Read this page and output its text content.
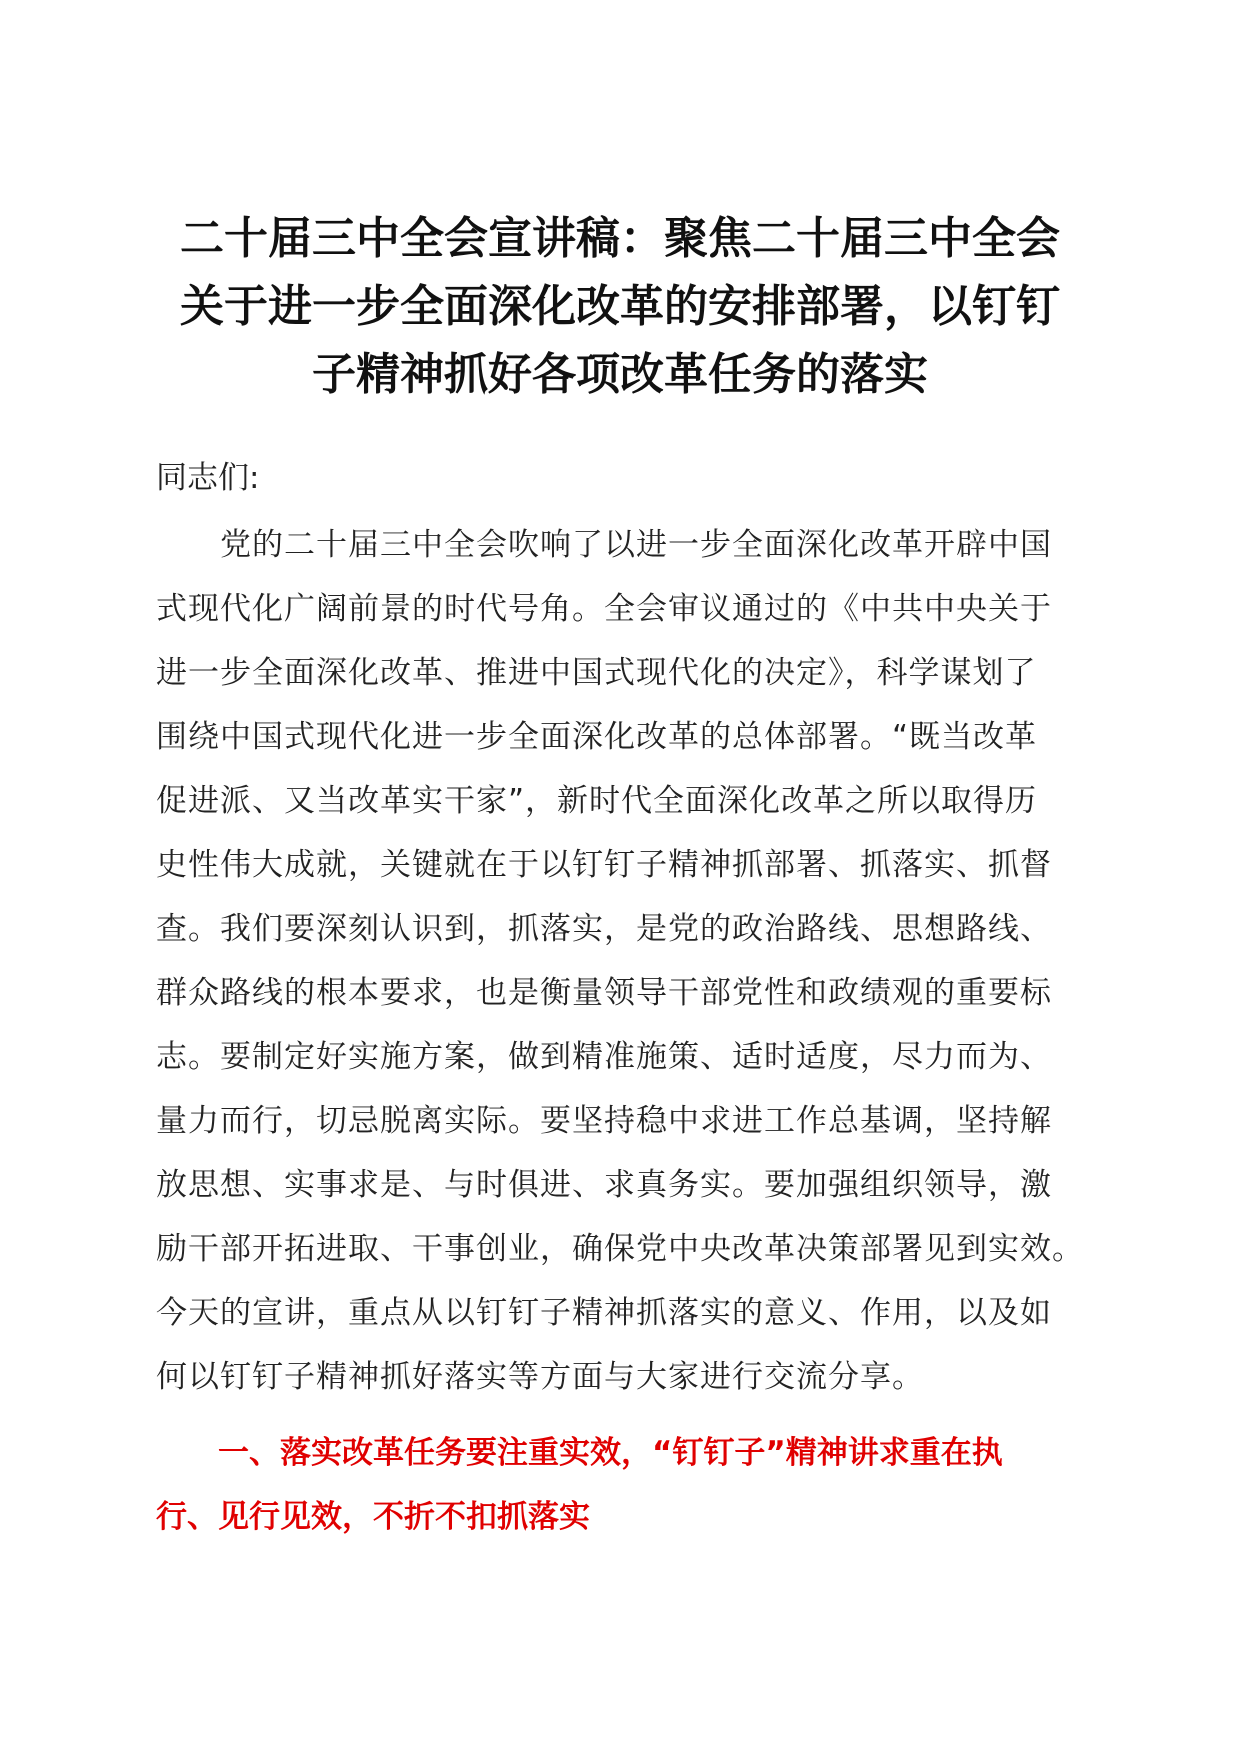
二十届三中全会宣讲稿：聚焦二十届三中全会
关于进一步全面深化改革的安排部署，以钉钉
子精神抓好各项改革任务的落实
同志们:
　　党的二十届三中全会吹响了以进一步全面深化改革开辟中国
式现代化广阔前景的时代号角。全会审议通过的《中共中央关于
进一步全面深化改革、推进中国式现代化的决定》，科学谋划了
围绕中国式现代化进一步全面深化改革的总体部署。“既当改革
促进派、又当改革实干家”，新时代全面深化改革之所以取得历
史性伟大成就，关键就在于以钉钉子精神抓部署、抓落实、抓督
查。我们要深刻认识到，抓落实，是党的政治路线、思想路线、
群众路线的根本要求，也是衡量领导干部党性和政绩观的重要标
志。要制定好实施方案，做到精准施策、适时适度，尽力而为、
量力而行，切忌脱离实际。要坚持稳中求进工作总基调，坚持解
放思想、实事求是、与时俱进、求真务实。要加强组织领导，激
励干部开拓进取、干事创业，确保党中央改革决策部署见到实效。
今天的宣讲，重点从以钉钉子精神抓落实的意义、作用，以及如
何以钉钉子精神抓好落实等方面与大家进行交流分享。
　　一、落实改革任务要注重实效，“钉钉子”精神讲求重在执
行、见行见效，不折不扣抓落实
